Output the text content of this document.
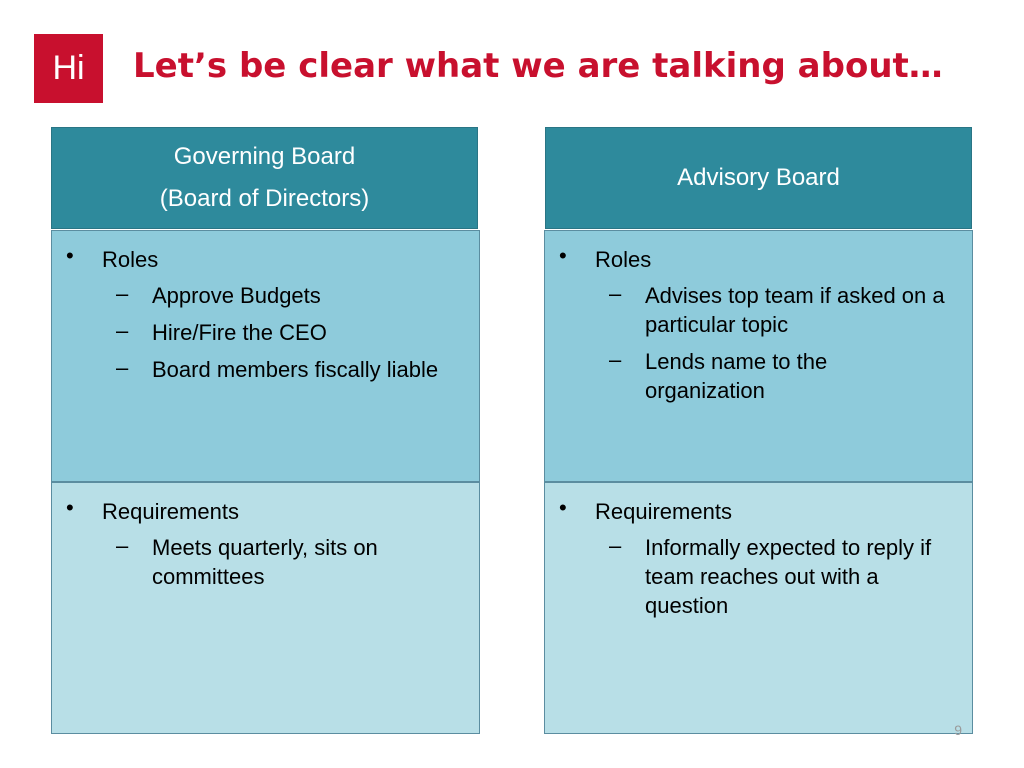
Hi Let’s be clear what we are talking about…
Governing Board
(Board of Directors)
• Roles
– Approve Budgets
– Hire/Fire the CEO
– Board members fiscally liable
• Requirements
– Meets quarterly, sits on committees
Advisory Board
• Roles
– Advises top team if asked on a particular topic
– Lends name to the organization
• Requirements
– Informally expected to reply if team reaches out with a question
9
